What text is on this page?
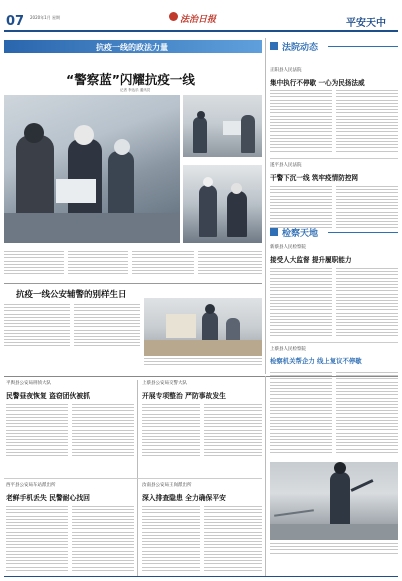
07 2020年1月 星期	法治日报	平安天中
抗疫一线的政法力量
“警察蓝”闪耀抗疫一线
记者 李达乐 通讯员
抗疫一线公安辅警的别样生日
法院动态
正阳县人民法院
集中执行不停歇 一心为民扬法威
遂平县人民法院
干警下沉一线 筑牢疫情防控网
检察天地
新蔡县人民检察院
接受人大监督 提升履职能力
上蔡县人民检察院
检察机关帮企力 线上复议不停歇
平舆县公安局刑侦大队
民警昼夜恢复 盗窃团伙被抓
上蔡县公安局交警大队
开展专项整治 严防事故发生
西平县公安局车站派出所
老鲜手机丢失 民警耐心找回
汝南县公安局王岗派出所
深入排查隐患 全力确保平安
